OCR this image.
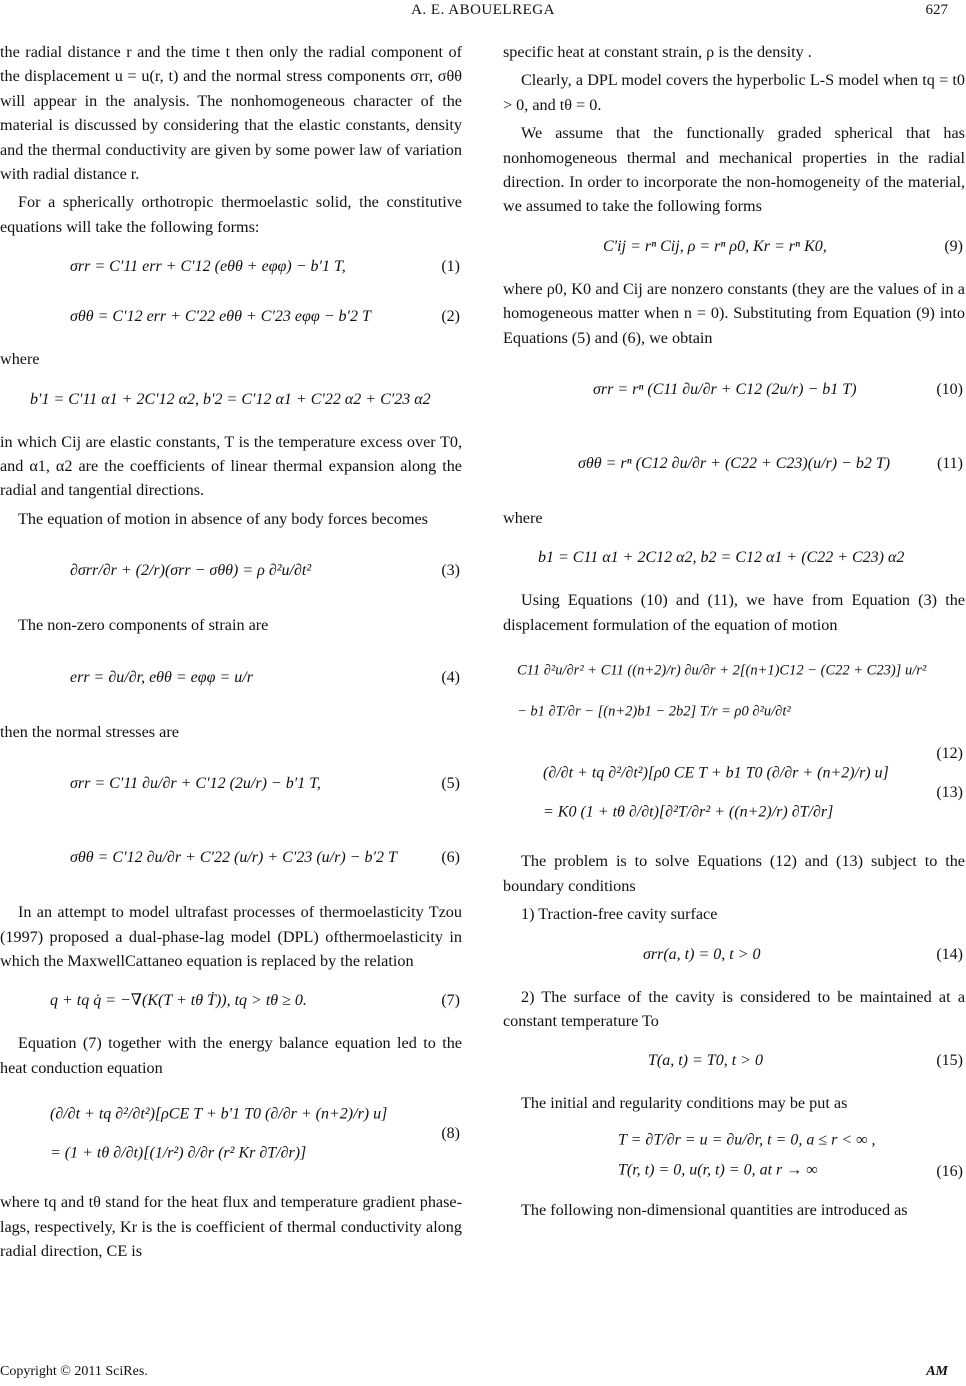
A. E. ABOUELREGA	627

the radial distance r and the time t then only the radial component of the displacement u = u(r, t) and the normal stress components σrr, σθθ will appear in the analysis. The nonhomogeneous character of the material is discussed by considering that the elastic constants, density and the thermal conductivity are given by some power law of variation with radial distance r.

For a spherically orthotropic thermoelastic solid, the constitutive equations will take the following forms:

σrr = C′11 err + C′12 (eθθ + eφφ) − b′1 T,	(1)
σθθ = C′12 err + C′22 eθθ + C′23 eφφ − b′2 T	(2)

where

b′1 = C′11 α1 + 2C′12 α2, b′2 = C′12 α1 + C′22 α2 + C′23 α2

in which Cij are elastic constants, T is the temperature excess over T0, and α1, α2 are the coefficients of linear thermal expansion along the radial and tangential directions.

The equation of motion in absence of any body forces becomes

∂σrr/∂r + (2/r)(σrr − σθθ) = ρ ∂²u/∂t²	(3)

The non-zero components of strain are

err = ∂u/∂r, eθθ = eφφ = u/r	(4)

then the normal stresses are

σrr = C′11 ∂u/∂r + C′12 (2u/r) − b′1 T,	(5)
σθθ = C′12 ∂u/∂r + C′22 (u/r) + C′23 (u/r) − b′2 T	(6)

In an attempt to model ultrafast processes of thermoelasticity Tzou (1997) proposed a dual-phase-lag model (DPL) ofthermoelasticity in which the MaxwellCattaneo equation is replaced by the relation

q + tq q̇ = −∇(K(T + tθ Ṫ)), tq > tθ ≥ 0.	(7)

Equation (7) together with the energy balance equation led to the heat conduction equation

(∂/∂t + tq ∂²/∂t²)[ρCE T + b′1 T0 (∂/∂r + (n+2)/r) u]
= (1 + tθ ∂/∂t)[(1/r²) ∂/∂r (r² Kr ∂T/∂r)]
(8)

where tq and tθ stand for the heat flux and temperature gradient phase-lags, respectively, Kr is the is coefficient of thermal conductivity along radial direction, CE is

specific heat at constant strain, ρ is the density .

Clearly, a DPL model covers the hyperbolic L-S model when tq = t0 > 0, and tθ = 0.

We assume that the functionally graded spherical that has nonhomogeneous thermal and mechanical properties in the radial direction. In order to incorporate the non-homogeneity of the material, we assumed to take the following forms

C′ij = rⁿ Cij, ρ = rⁿ ρ0, Kr = rⁿ K0,	(9)

where ρ0, K0 and Cij are nonzero constants (they are the values of in a homogeneous matter when n = 0). Substituting from Equation (9) into Equations (5) and (6), we obtain

σrr = rⁿ (C11 ∂u/∂r + C12 (2u/r) − b1 T)	(10)
σθθ = rⁿ (C12 ∂u/∂r + (C22 + C23)(u/r) − b2 T)	(11)

where

b1 = C11 α1 + 2C12 α2, b2 = C12 α1 + (C22 + C23) α2

Using Equations (10) and (11), we have from Equation (3) the displacement formulation of the equation of motion

C11 ∂²u/∂r² + C11 ((n+2)/r) ∂u/∂r + 2[(n+1)C12 − (C22 + C23)] u/r²
− b1 ∂T/∂r − [(n+2)b1 − 2b2] T/r = ρ0 ∂²u/∂t²
(12)
(∂/∂t + tq ∂²/∂t²)[ρ0 CE T + b1 T0 (∂/∂r + (n+2)/r) u]
= K0 (1 + tθ ∂/∂t)[∂²T/∂r² + ((n+2)/r) ∂T/∂r]
(13)

The problem is to solve Equations (12) and (13) subject to the boundary conditions

1) Traction-free cavity surface

σrr(a, t) = 0, t > 0	(14)

2) The surface of the cavity is considered to be maintained at a constant temperature To

T(a, t) = T0, t > 0	(15)

The initial and regularity conditions may be put as

T = ∂T/∂r = u = ∂u/∂r, t = 0, a ≤ r < ∞ ,
T(r, t) = 0, u(r, t) = 0, at r → ∞	(16)

The following non-dimensional quantities are introduced as

Copyright © 2011 SciRes.	AM
